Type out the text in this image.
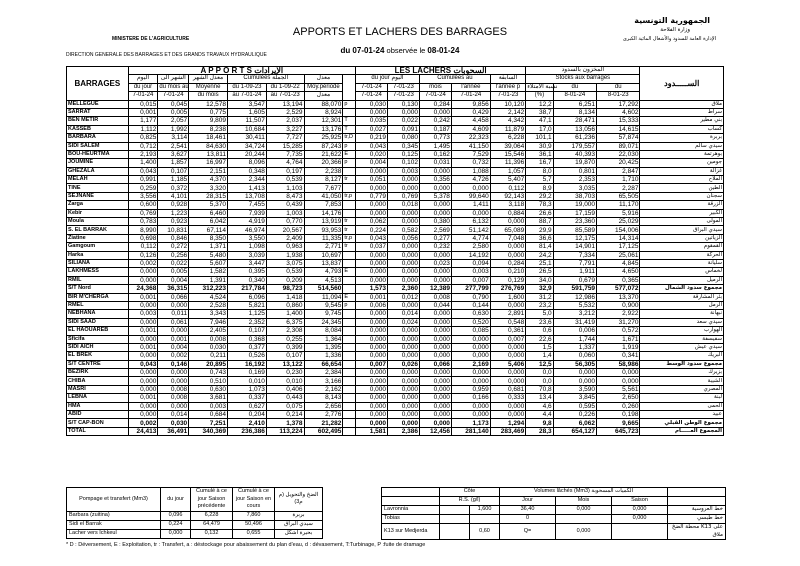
APPORTS ET LACHERS DES BARRAGES
du 07-01-24 observée le 08-01-24
MINISTERE DE L'AGRICULTURE
DIRECTION GENERALE DES BARRAGES ET DES GRANDS TRAVAUX HYDRAULIQUE
الجمهورية التونسية
وزارة الفلاحة
الإدارة العامة للسدود والأشغال المائية الكبرى
BARRAGES	A P P O R T S الإيرادات							LES LACHERS السحوبات					المخزون بالسدود			الســـــدود
	اليوم	الشهر الى	معدل الشهر	Cumulées الجملة		معدل		du jour اليوم		Cumulées au		السابقة	Stocks aux barrages			
	du jour	du mois au	Moyenne	du 1-09-23	du 1-09-22	Moy.période		7-01-24	7-01-23	mois	l'année	l'année p	نسبة الامتلاء	du	du	
	7-01-24	7-01-24	du mois	au 7-01-24	au 7-01-23	معدل		7-01-24	7-01-23	7-01-24	7-01-24	7-01-23	(%)	8-01-24	8-01-23	
MELLEGUE	0,015	0,045	12,578	3,547	13,194	88,070	p	0,030	0,130	0,284	9,856	10,120	12,2	6,251	17,292	ملاق
SARRAT	0,001	0,005	0,775	1,605	2,529	8,924		0,000	0,000	0,000	0,429	2,142	38,7	8,134	4,602	سراط
BEN METIR	1,177	2,057	9,809	11,507	2,037	12,301	T	0,035	0,022	0,242	4,458	4,342	47,1	28,471	15,333	بني مطير
KASSEB	1,112	1,992	8,238	10,684	3,227	13,176	T	0,027	0,091	0,187	4,609	11,879	17,0	13,056	14,615	كساب
BARBARA	0,825	3,114	18,461	30,411	7,727	25,925	tr,D	0,219	0,080	0,773	22,323	6,228	101,1	61,236	57,874	بربرة
SIDI SALEM	0,712	2,541	84,630	34,724	15,285	87,243	p	0,043	0,345	1,495	41,150	39,064	30,9	179,557	89,071	سيدي سالم
BOU-HEURTMA	2,193	3,627	13,811	20,244	7,735	21,622	E	0,020	0,125	0,162	7,529	15,546	36,1	40,393	22,030	بوهرتمة
JOUMINE	1,400	1,857	16,997	8,096	4,764	20,366	p	0,004	0,102	0,031	0,732	11,396	16,7	19,870	20,425	جومين
GHEZALA	0,043	0,107	2,151	0,348	0,197	2,238		0,000	0,003	0,000	1,088	1,057	8,0	0,801	2,847	غزالة
MELAH	0,991	1,185	4,370	2,344	0,539	8,127	tr	0,051	0,000	0,356	4,726	5,407	5,7	2,353	1,710	الملاح
TINE	0,259	0,372	3,320	1,413	1,103	7,677		0,000	0,000	0,000	0,000	0,112	8,9	3,035	2,287	الطين
SEJNANE	3,556	4,101	28,315	13,708	8,473	41,050	tr,p	0,779	0,769	5,378	99,640	92,143	29,2	38,703	65,505	سجنان
Zarga	0,600	0,928	5,370	7,455	0,439	7,853		0,000	0,018	0,000	1,411	3,118	78,3	19,000	11,170	الزرقة
Kebir	0,769	1,223	6,460	7,939	1,003	14,176		0,000	0,000	0,000	0,000	0,884	26,6	17,159	5,916	الكبير
Moula	0,783	0,923	6,042	4,919	0,770	13,919	tr	0,062	0,000	0,380	6,132	0,000	88,7	23,360	25,029	المولى
S. EL BARRAK	8,990	10,831	67,114	46,974	20,567	93,953	tr	0,224	0,582	2,569	51,142	65,089	29,9	85,589	154,006	سيدي البراق
Ziatine	0,698	0,846	8,350	3,550	2,409	11,335	tr,p	0,043	0,056	0,277	4,774	7,048	36,6	12,175	14,314	الزياتين
Gamgoum	0,112	0,272	1,371	1,098	0,963	2,771	tr	0,037	0,000	0,232	2,580	0,000	81,4	14,901	17,125	القمقوم
Harka	0,126	0,256	5,480	3,039	1,938	10,697		0,000	0,000	0,000	14,192	0,000	24,2	7,334	25,061	الحركة
SILIANA	0,002	0,022	5,607	3,447	3,075	13,837		0,000	0,000	0,023	0,094	0,284	25,1	7,791	4,845	سليانة
LAKHMESS	0,000	0,005	1,582	0,395	0,539	4,793	E	0,000	0,000	0,000	0,003	0,210	26,5	1,911	4,650	لخماس
RMIL	0,000	0,004	1,391	0,340	0,209	4,513		0,000	0,000	0,000	0,007	0,129	34,0	0,679	0,365	الرميل
S/T Nord	24,368	36,315	312,223	217,784	98,723	514,560		1,573	2,360	12,389	277,799	276,769	32,9	591,759	577,072	مجموع سدود الشمال
BIR M'CHERGA	0,001	0,066	4,524	6,096	1,418	11,094	E	0,001	0,012	0,008	0,790	1,600	31,2	12,986	13,370	بئر المشارقة
RMEL	0,000	0,000	2,528	5,821	0,860	9,545	p	0,006	0,000	0,044	0,144	0,000	23,2	5,532	0,900	الرمل
NEBHANA	0,003	0,011	3,343	1,125	1,400	9,745		0,000	0,014	0,000	0,630	2,891	5,0	3,212	2,922	نبهانة
SIDI SAAD	0,000	0,061	7,946	2,352	6,375	24,345		0,000	0,024	0,000	0,520	0,548	23,6	31,419	31,270	سيدي سعد
EL HAOUAREB	0,001	0,000	2,405	0,107	2,308	8,084		0,000	0,000	0,000	0,085	0,361	0,6	0,006	0,572	الهوارب
Sficifa	0,000	0,001	0,008	0,368	0,255	1,364		0,000	0,000	0,000	0,000	0,007	22,6	1,744	1,671	سفيسفة
SIDI AICH	0,001	0,004	0,030	0,377	0,399	1,395		0,000	0,000	0,000	0,000	0,000	1,5	1,337	1,919	سيدي عيش
EL BREK	0,000	0,002	0,211	0,526	0,107	1,336		0,000	0,000	0,000	0,000	0,000	1,4	0,060	0,341	البريك
S/T CENTRE	0,043	0,146	20,895	16,192	13,122	66,654		0,007	0,026	0,066	2,169	5,406	12,5	56,305	58,986	مجموع سدود الوسط
BEZIRK	0,000	0,000	0,743	0,169	0,230	2,384		0,000	0,000	0,000	0,000	0,000	0,0	0,000	0,000	بزيرك
CHIBA	0,000	0,000	0,510	0,010	0,010	3,166		0,000	0,000	0,000	0,000	0,000	0,0	0,000	0,000	الشيبة
MASRI	0,000	0,008	0,630	1,073	0,406	2,162		0,000	0,000	0,000	0,959	0,681	70,8	3,590	5,561	المصري
LEBNA	0,001	0,008	3,681	0,337	0,443	8,143		0,000	0,000	0,000	0,166	0,333	13,4	3,845	2,650	لبنة
HMA	0,000	0,000	0,003	0,627	0,075	2,656		0,000	0,000	0,000	0,000	0,000	4,6	0,595	0,260	الحمى
ABID	0,000	0,014	0,684	0,204	0,214	2,776		0,000	0,000	0,000	0,000	0,000	4,4	0,226	0,198	عبيد
S/T CAP-BON	0,002	0,030	7,251	2,410	1,378	21,282		0,000	0,000	0,000	1,173	1,294	9,8	6,062	9,665	مجموع الوطن القبلي
TOTAL	24,413	36,491	340,369	236,386	113,224	602,495		1,581	2,386	12,456	281,140	283,469	28,3	654,127	645,723	المجموع العـــــام
Pompage et transfert (Mm3)	du jour	Cumulé à ce jour Saison précédente	Cumulé à ce jour Saison en cours	الضخ والتحويل (م م3)
Barbara (zuitina)	0,096	6,228	7,860	بربرة
Sidi el Barrak	0,224	64,479	50,496	سيدي البراق
Lacher vers Ichkeul	0,000	0,132	0,655	بحيرة اشكل
	Côte		Volumes lâchés (Mm3) الكميات المسحوبة			
	R.S. (g/l)		Jour	Mois	Saison	
Lavronnia		1,600	36,40	0,000	0,000	خط العروسية
Tobias			0		0,000	خط طبسي
K13 sur Medjerda		0,60	Q=	0,000		محطة الضخ K13 على ملاق
* D : Déversement, E : Exploitation, tr : Transfert, a : déstockage pour abaissement du plan d'eau, d : dévasement, T:Turbinage, P :fuite de dramage
